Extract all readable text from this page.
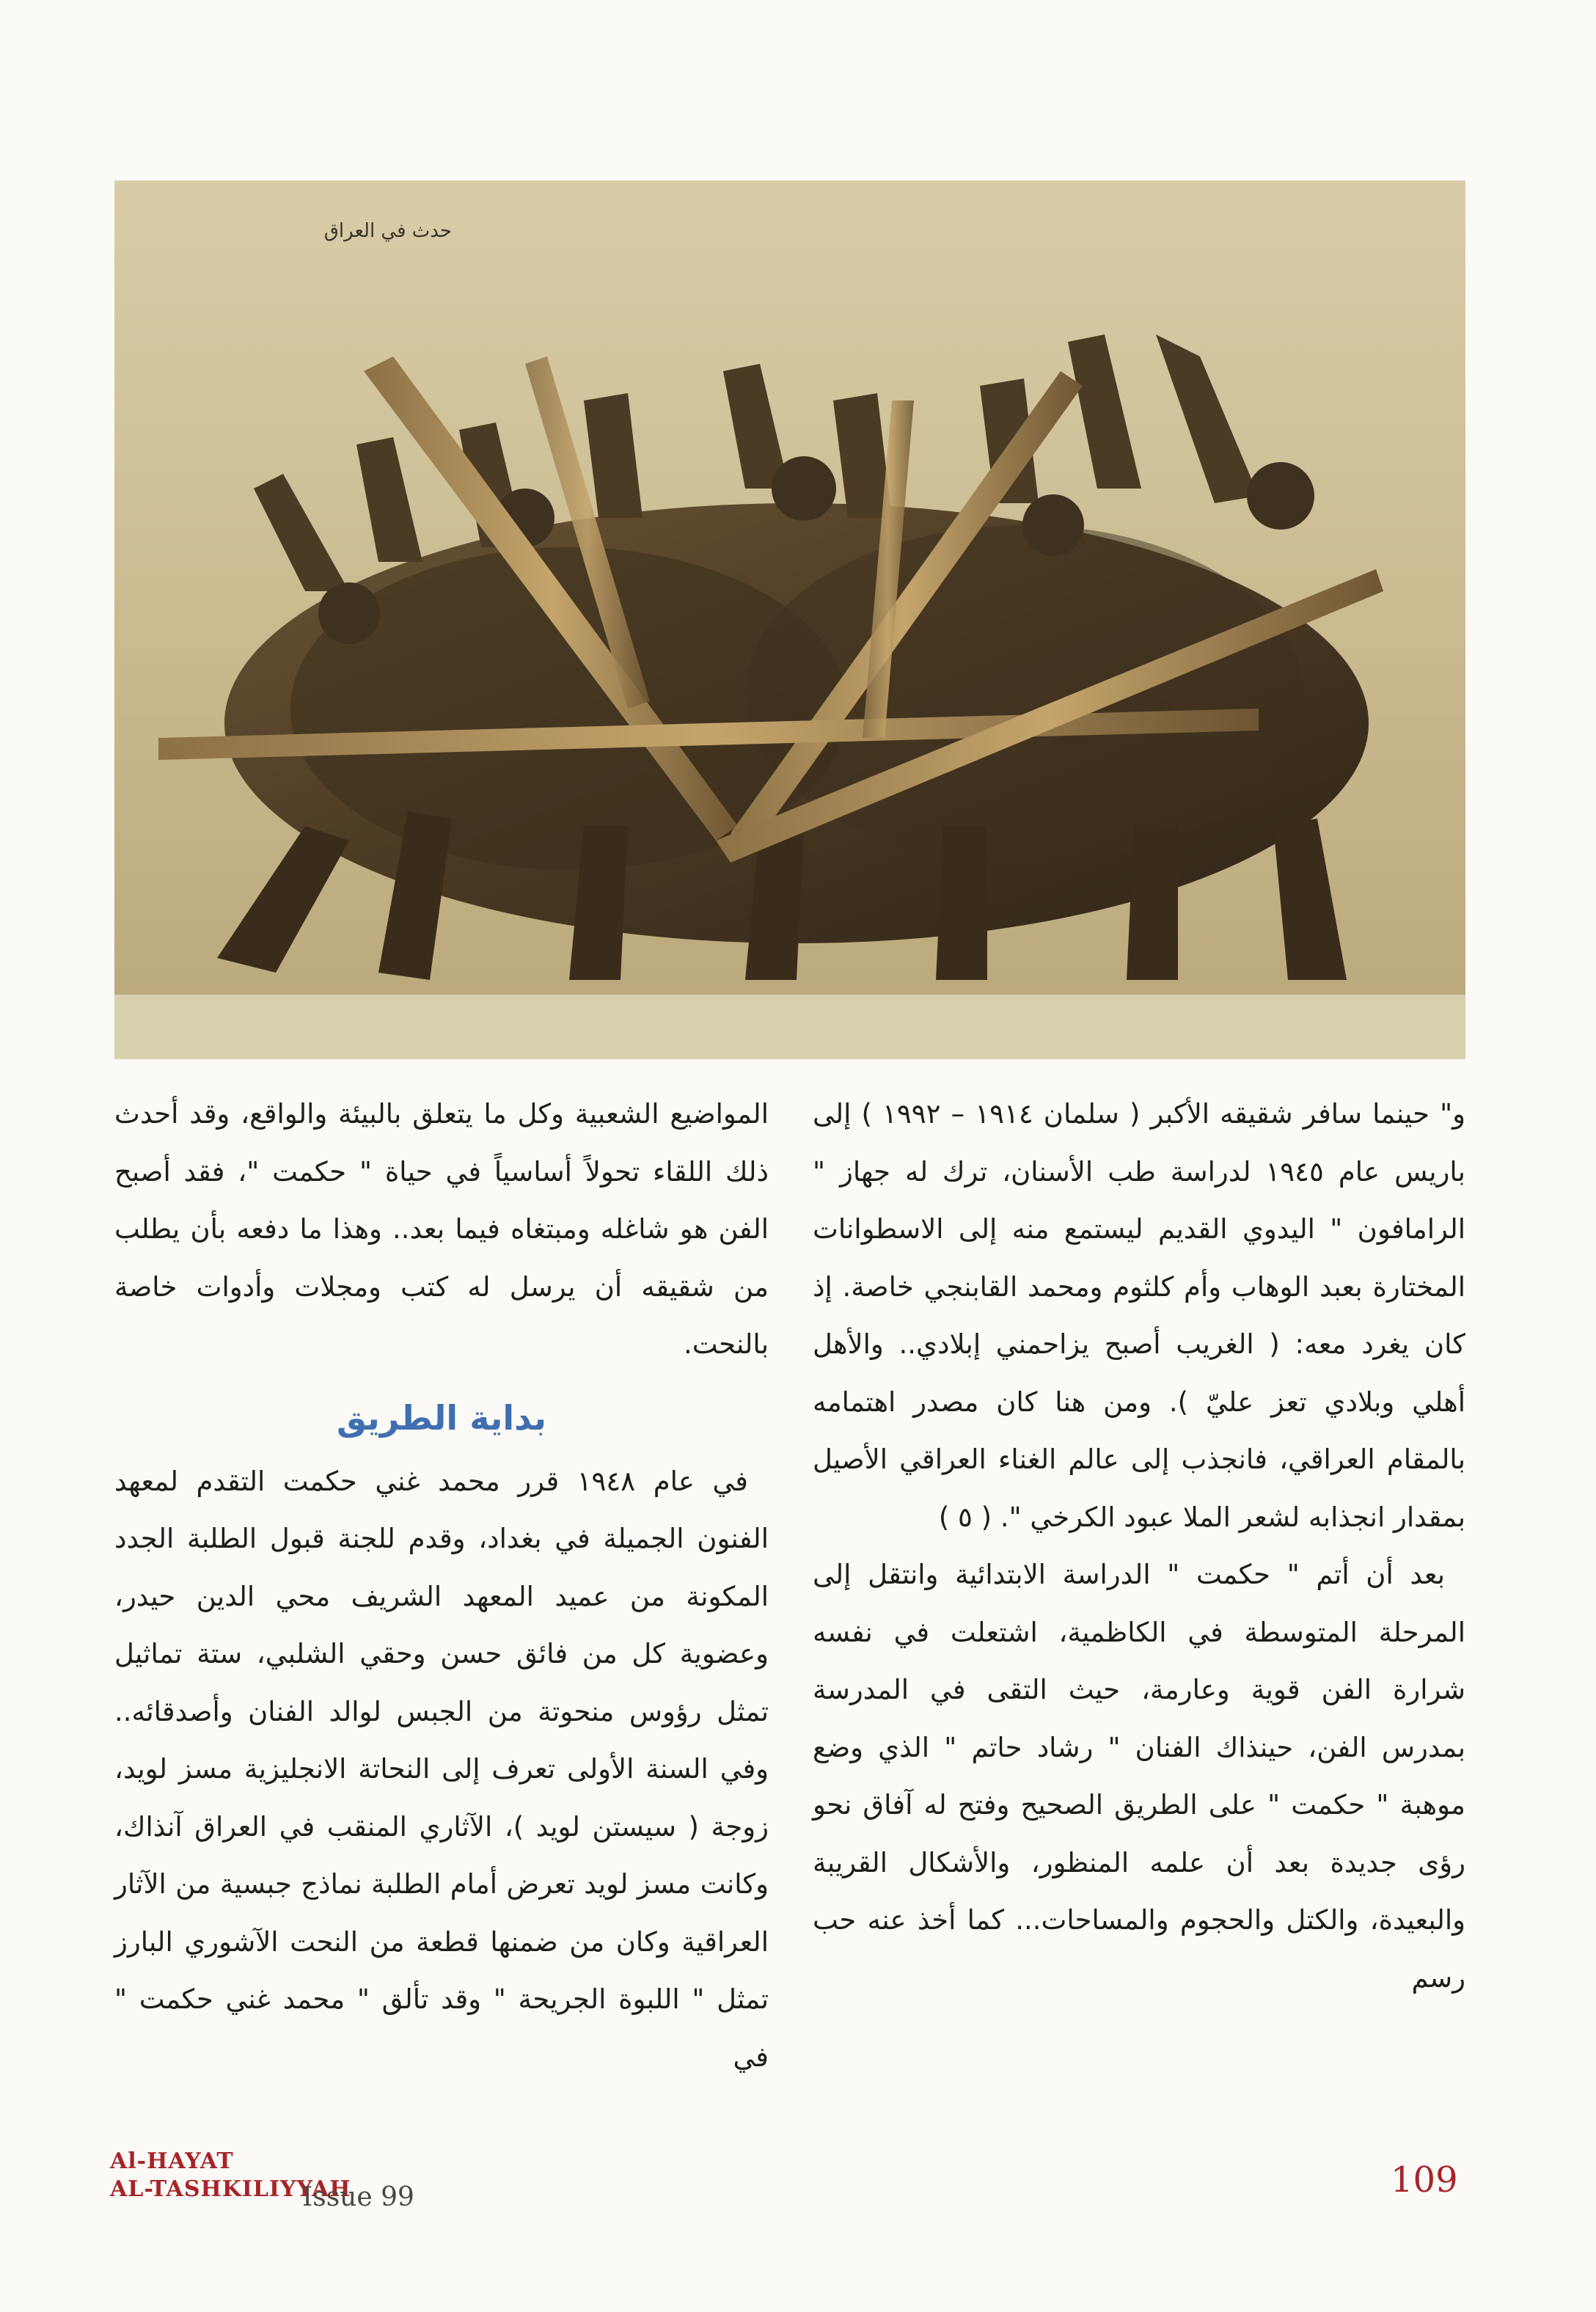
حدث في العراق

و" حينما سافر شقيقه الأكبر ( سلمان ١٩١٤ – ١٩٩٢ ) إلى باريس عام ١٩٤٥ لدراسة طب الأسنان، ترك له جهاز " الرامافون " اليدوي القديم ليستمع منه إلى الاسطوانات المختارة بعبد الوهاب وأم كلثوم ومحمد القابنجي خاصة. إذ كان يغرد معه: ( الغريب أصبح يزاحمني إبلادي.. والأهل أهلي وبلادي تعز عليّ ). ومن هنا كان مصدر اهتمامه بالمقام العراقي، فانجذب إلى عالم الغناء العراقي الأصيل بمقدار انجذابه لشعر الملا عبود الكرخي ". ( ٥ )

بعد أن أتم " حكمت " الدراسة الابتدائية وانتقل إلى المرحلة المتوسطة في الكاظمية، اشتعلت في نفسه شرارة الفن قوية وعارمة، حيث التقى في المدرسة بمدرس الفن، حينذاك الفنان " رشاد حاتم " الذي وضع موهبة " حكمت " على الطريق الصحيح وفتح له آفاق نحو رؤى جديدة بعد أن علمه المنظور، والأشكال القريبة والبعيدة، والكتل والحجوم والمساحات... كما أخذ عنه حب رسم

المواضيع الشعبية وكل ما يتعلق بالبيئة والواقع، وقد أحدث ذلك اللقاء تحولاً أساسياً في حياة " حكمت "، فقد أصبح الفن هو شاغله ومبتغاه فيما بعد.. وهذا ما دفعه بأن يطلب من شقيقه أن يرسل له كتب ومجلات وأدوات خاصة بالنحت.

بداية الطريق

في عام ١٩٤٨ قرر محمد غني حكمت التقدم لمعهد الفنون الجميلة في بغداد، وقدم للجنة قبول الطلبة الجدد المكونة من عميد المعهد الشريف محي الدين حيدر، وعضوية كل من فائق حسن وحقي الشلبي، ستة تماثيل تمثل رؤوس منحوتة من الجبس لوالد الفنان وأصدقائه.. وفي السنة الأولى تعرف إلى النحاتة الانجليزية مسز لويد، زوجة ( سيستن لويد )، الآثاري المنقب في العراق آنذاك، وكانت مسز لويد تعرض أمام الطلبة نماذج جبسية من الآثار العراقية وكان من ضمنها قطعة من النحت الآشوري البارز تمثل " اللبوة الجريحة " وقد تألق " محمد غني حكمت " في

Al-HAYAT
AL-TASHKILIYYAH
Issue 99	109
